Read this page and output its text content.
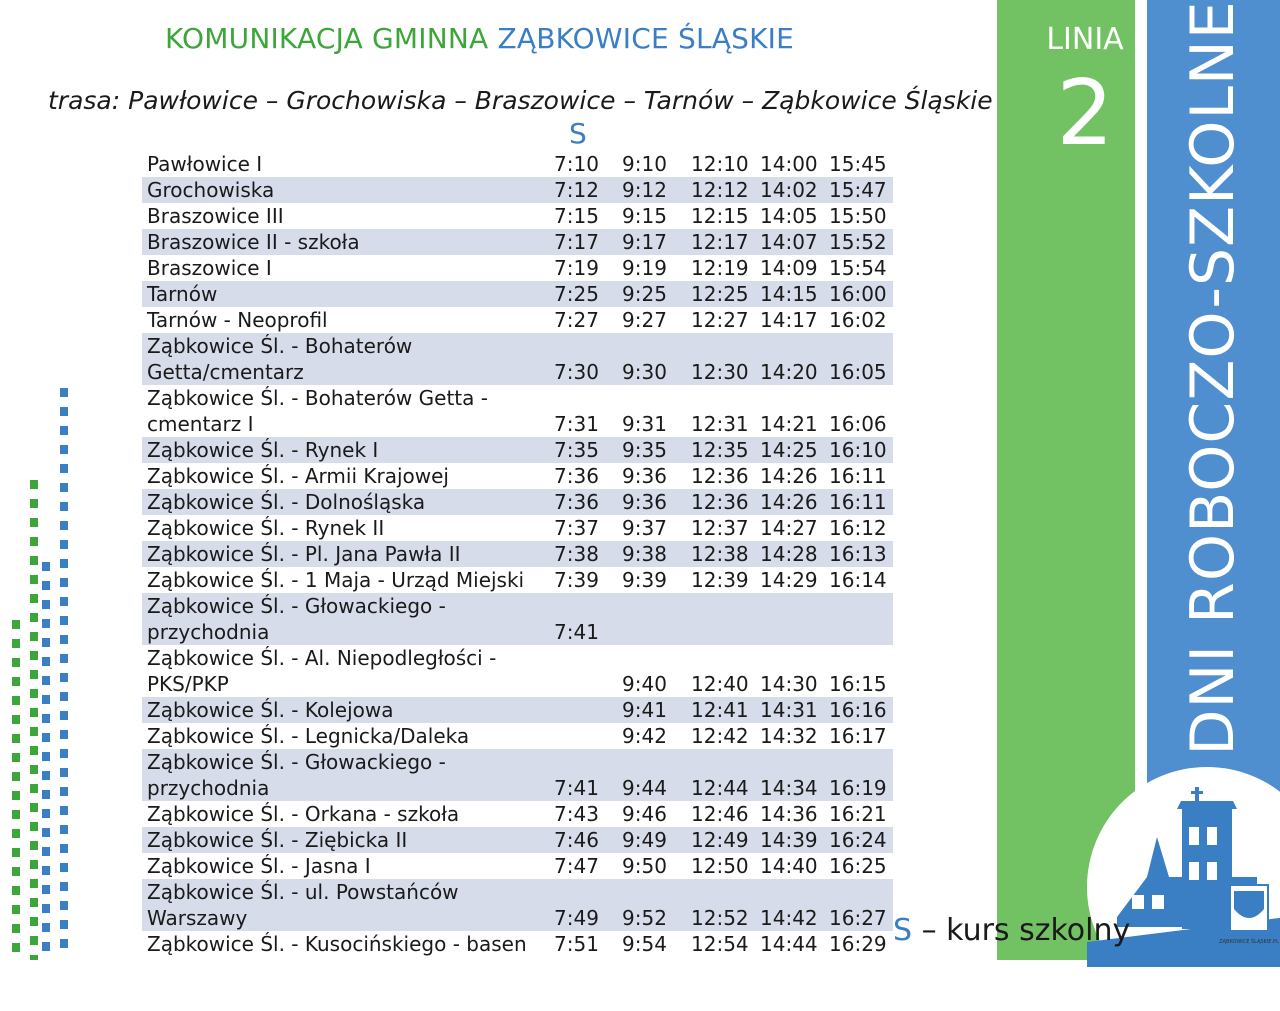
KOMUNIKACJA GMINNA ZĄBKOWICE ŚLĄSKIE
trasa: Pawłowice – Grochowiska – Braszowice – Tarnów – Ząbkowice Śląskie
S
Pawłowice I	7:10	9:10	12:10	14:00	15:45
Grochowiska	7:12	9:12	12:12	14:02	15:47
Braszowice III	7:15	9:15	12:15	14:05	15:50
Braszowice II - szkoła	7:17	9:17	12:17	14:07	15:52
Braszowice I	7:19	9:19	12:19	14:09	15:54
Tarnów	7:25	9:25	12:25	14:15	16:00
Tarnów - Neoprofil	7:27	9:27	12:27	14:17	16:02
Ząbkowice Śl. - Bohaterów Getta/cmentarz	7:30	9:30	12:30	14:20	16:05
Ząbkowice Śl. - Bohaterów Getta - cmentarz I	7:31	9:31	12:31	14:21	16:06
Ząbkowice Śl. - Rynek I	7:35	9:35	12:35	14:25	16:10
Ząbkowice Śl. - Armii Krajowej	7:36	9:36	12:36	14:26	16:11
Ząbkowice Śl. - Dolnośląska	7:36	9:36	12:36	14:26	16:11
Ząbkowice Śl. - Rynek II	7:37	9:37	12:37	14:27	16:12
Ząbkowice Śl. - Pl. Jana Pawła II	7:38	9:38	12:38	14:28	16:13
Ząbkowice Śl. - 1 Maja - Urząd Miejski	7:39	9:39	12:39	14:29	16:14
Ząbkowice Śl. - Głowackiego - przychodnia	7:41				
Ząbkowice Śl. - Al. Niepodległości - PKS/PKP		9:40	12:40	14:30	16:15
Ząbkowice Śl. - Kolejowa		9:41	12:41	14:31	16:16
Ząbkowice Śl. - Legnicka/Daleka		9:42	12:42	14:32	16:17
Ząbkowice Śl. - Głowackiego - przychodnia	7:41	9:44	12:44	14:34	16:19
Ząbkowice Śl. - Orkana - szkoła	7:43	9:46	12:46	14:36	16:21
Ząbkowice Śl. - Ziębicka II	7:46	9:49	12:49	14:39	16:24
Ząbkowice Śl. - Jasna I	7:47	9:50	12:50	14:40	16:25
Ząbkowice Śl. - ul. Powstańców Warszawy	7:49	9:52	12:52	14:42	16:27
Ząbkowice Śl. - Kusocińskiego - basen	7:51	9:54	12:54	14:44	16:29
LINIA
2	DNI ROBOCZO-SZKOLNE
ZĄBKOWICE ŚLĄSKIE.PL
S – kurs szkolny
